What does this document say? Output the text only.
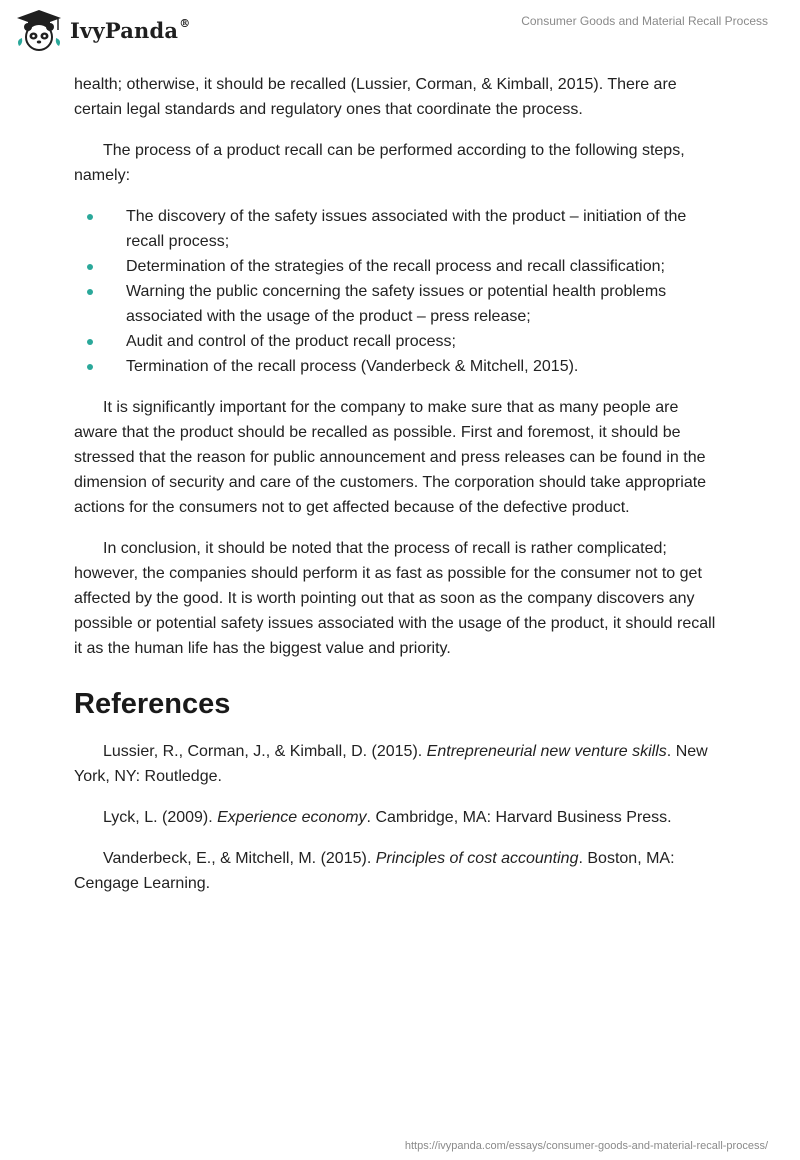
IvyPanda®	Consumer Goods and Material Recall Process

health; otherwise, it should be recalled (Lussier, Corman, & Kimball, 2015). There are certain legal standards and regulatory ones that coordinate the process.

The process of a product recall can be performed according to the following steps, namely:

The discovery of the safety issues associated with the product – initiation of the recall process;
Determination of the strategies of the recall process and recall classification;
Warning the public concerning the safety issues or potential health problems associated with the usage of the product – press release;
Audit and control of the product recall process;
Termination of the recall process (Vanderbeck & Mitchell, 2015).

It is significantly important for the company to make sure that as many people are aware that the product should be recalled as possible. First and foremost, it should be stressed that the reason for public announcement and press releases can be found in the dimension of security and care of the customers. The corporation should take appropriate actions for the consumers not to get affected because of the defective product.

In conclusion, it should be noted that the process of recall is rather complicated; however, the companies should perform it as fast as possible for the consumer not to get affected by the good. It is worth pointing out that as soon as the company discovers any possible or potential safety issues associated with the usage of the product, it should recall it as the human life has the biggest value and priority.

References

Lussier, R., Corman, J., & Kimball, D. (2015). Entrepreneurial new venture skills. New York, NY: Routledge.

Lyck, L. (2009). Experience economy. Cambridge, MA: Harvard Business Press.

Vanderbeck, E., & Mitchell, M. (2015). Principles of cost accounting. Boston, MA: Cengage Learning.

https://ivypanda.com/essays/consumer-goods-and-material-recall-process/
